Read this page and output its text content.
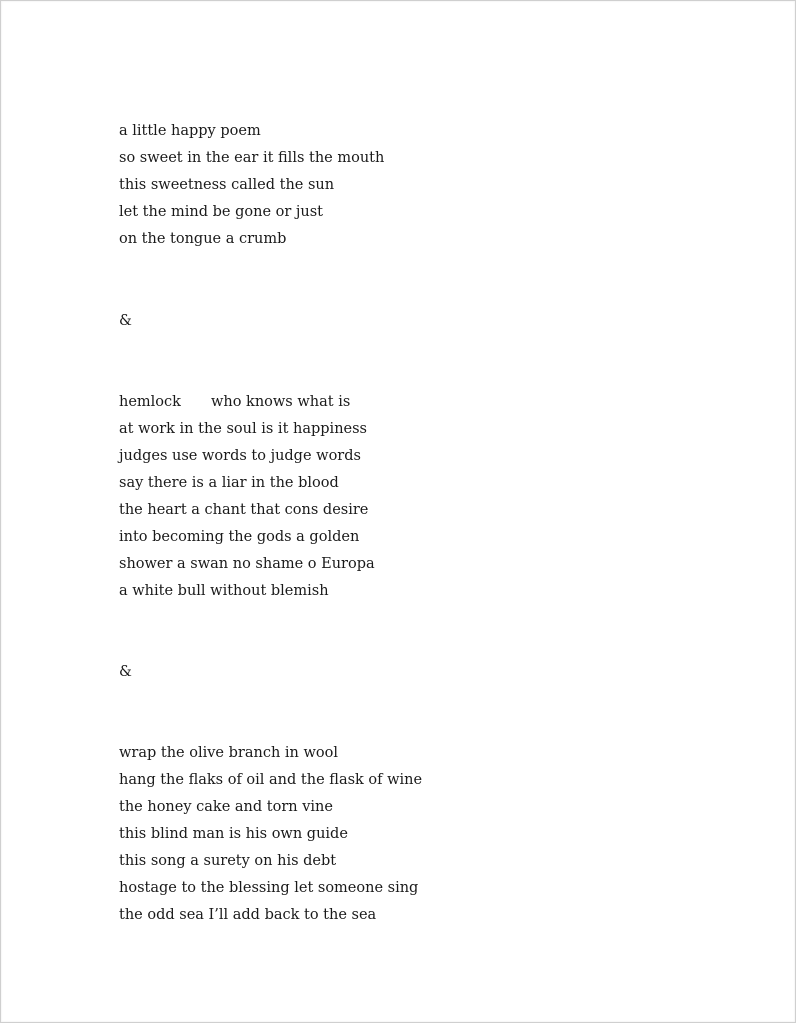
a little happy poem
so sweet in the ear it fills the mouth
this sweetness called the sun
let the mind be gone or just
on the tongue a crumb
&
hemlock who knows what is
at work in the soul is it happiness
judges use words to judge words
say there is a liar in the blood
the heart a chant that cons desire
into becoming the gods a golden
shower a swan no shame o Europa
a white bull without blemish
&
wrap the olive branch in wool
hang the flaks of oil and the flask of wine
the honey cake and torn vine
this blind man is his own guide
this song a surety on his debt
hostage to the blessing let someone sing
the odd sea I’ll add back to the sea
